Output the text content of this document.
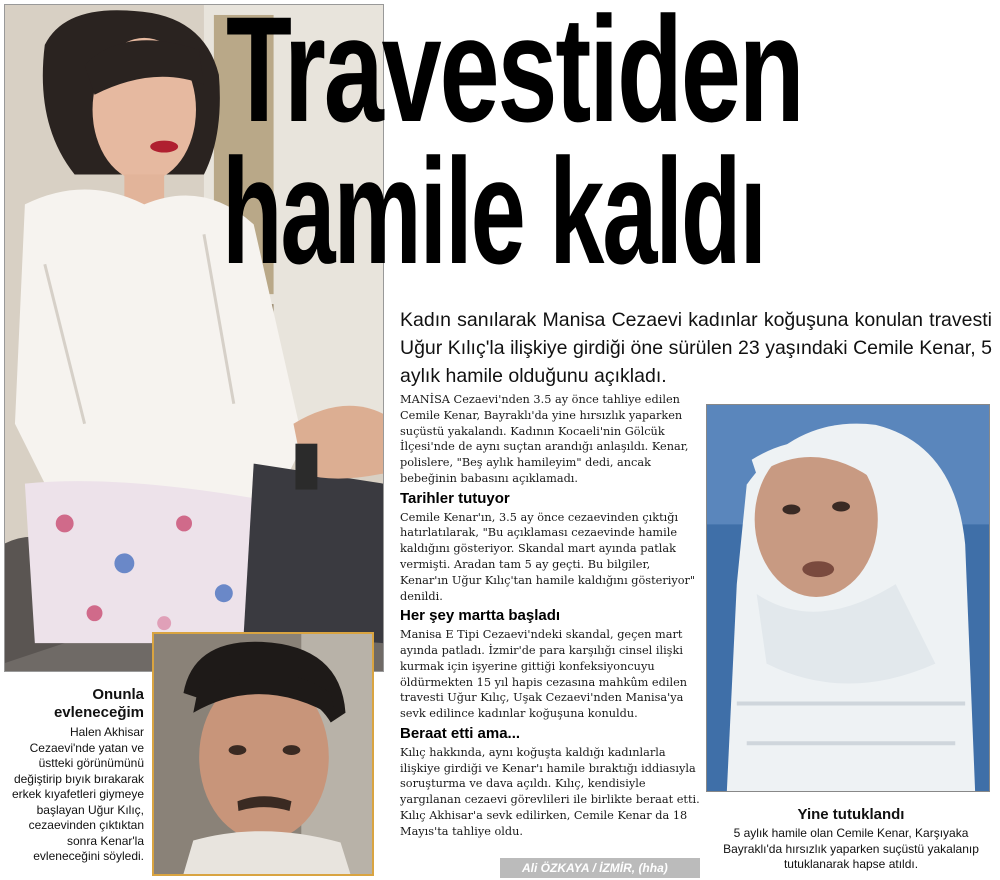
Travestiden
hamile kaldı
Kadın sanılarak Manisa Cezaevi kadınlar koğuşuna konulan travesti Uğur Kılıç'la ilişkiye girdiği öne sürülen 23 yaşındaki Cemile Kenar, 5 aylık hamile olduğunu açıkladı.

MANİSA Cezaevi'nden 3.5 ay önce tahliye edilen Cemile Kenar, Bayraklı'da yine hırsızlık yaparken suçüstü yakalandı. Kadının Kocaeli'nin Gölcük İlçesi'nde de aynı suçtan arandığı anlaşıldı. Kenar, polislere, "Beş aylık hamileyim" dedi, ancak bebeğinin babasını açıklamadı.

Tarihler tutuyor

Cemile Kenar'ın, 3.5 ay önce cezaevinden çıktığı hatırlatılarak, "Bu açıklaması cezaevinde hamile kaldığını gösteriyor. Skandal mart ayında patlak vermişti. Aradan tam 5 ay geçti. Bu bilgiler, Kenar'ın Uğur Kılıç'tan hamile kaldığını gösteriyor" denildi.

Her şey martta başladı

Manisa E Tipi Cezaevi'ndeki skandal, geçen mart ayında patladı. İzmir'de para karşılığı cinsel ilişki kurmak için işyerine gittiği konfeksiyoncuyu öldürmekten 15 yıl hapis cezasına mahkûm edilen travesti Uğur Kılıç, Uşak Cezaevi'nden Manisa'ya sevk edilince kadınlar koğuşuna konuldu.

Beraat etti ama...

Kılıç hakkında, aynı koğuşta kaldığı kadınlarla ilişkiye girdiği ve Kenar'ı hamile bıraktığı iddiasıyla soruşturma ve dava açıldı. Kılıç, kendisiyle yargılanan cezaevi görevlileri ile birlikte beraat etti. Kılıç Akhisar'a sevk edilirken, Cemile Kenar da 18 Mayıs'ta tahliye oldu.

Ali ÖZKAYA / İZMİR, (hha)
Onunla
evleneceğim
Halen Akhisar Cezaevi'nde yatan ve üstteki görünümünü değiştirip bıyık bırakarak erkek kıyafetleri giymeye başlayan Uğur Kılıç, cezaevinden çıktıktan sonra Kenar'la evleneceğini söyledi.
Yine tutuklandı
5 aylık hamile olan Cemile Kenar, Karşıyaka Bayraklı'da hırsızlık yaparken suçüstü yakalanıp tutuklanarak hapse atıldı.
